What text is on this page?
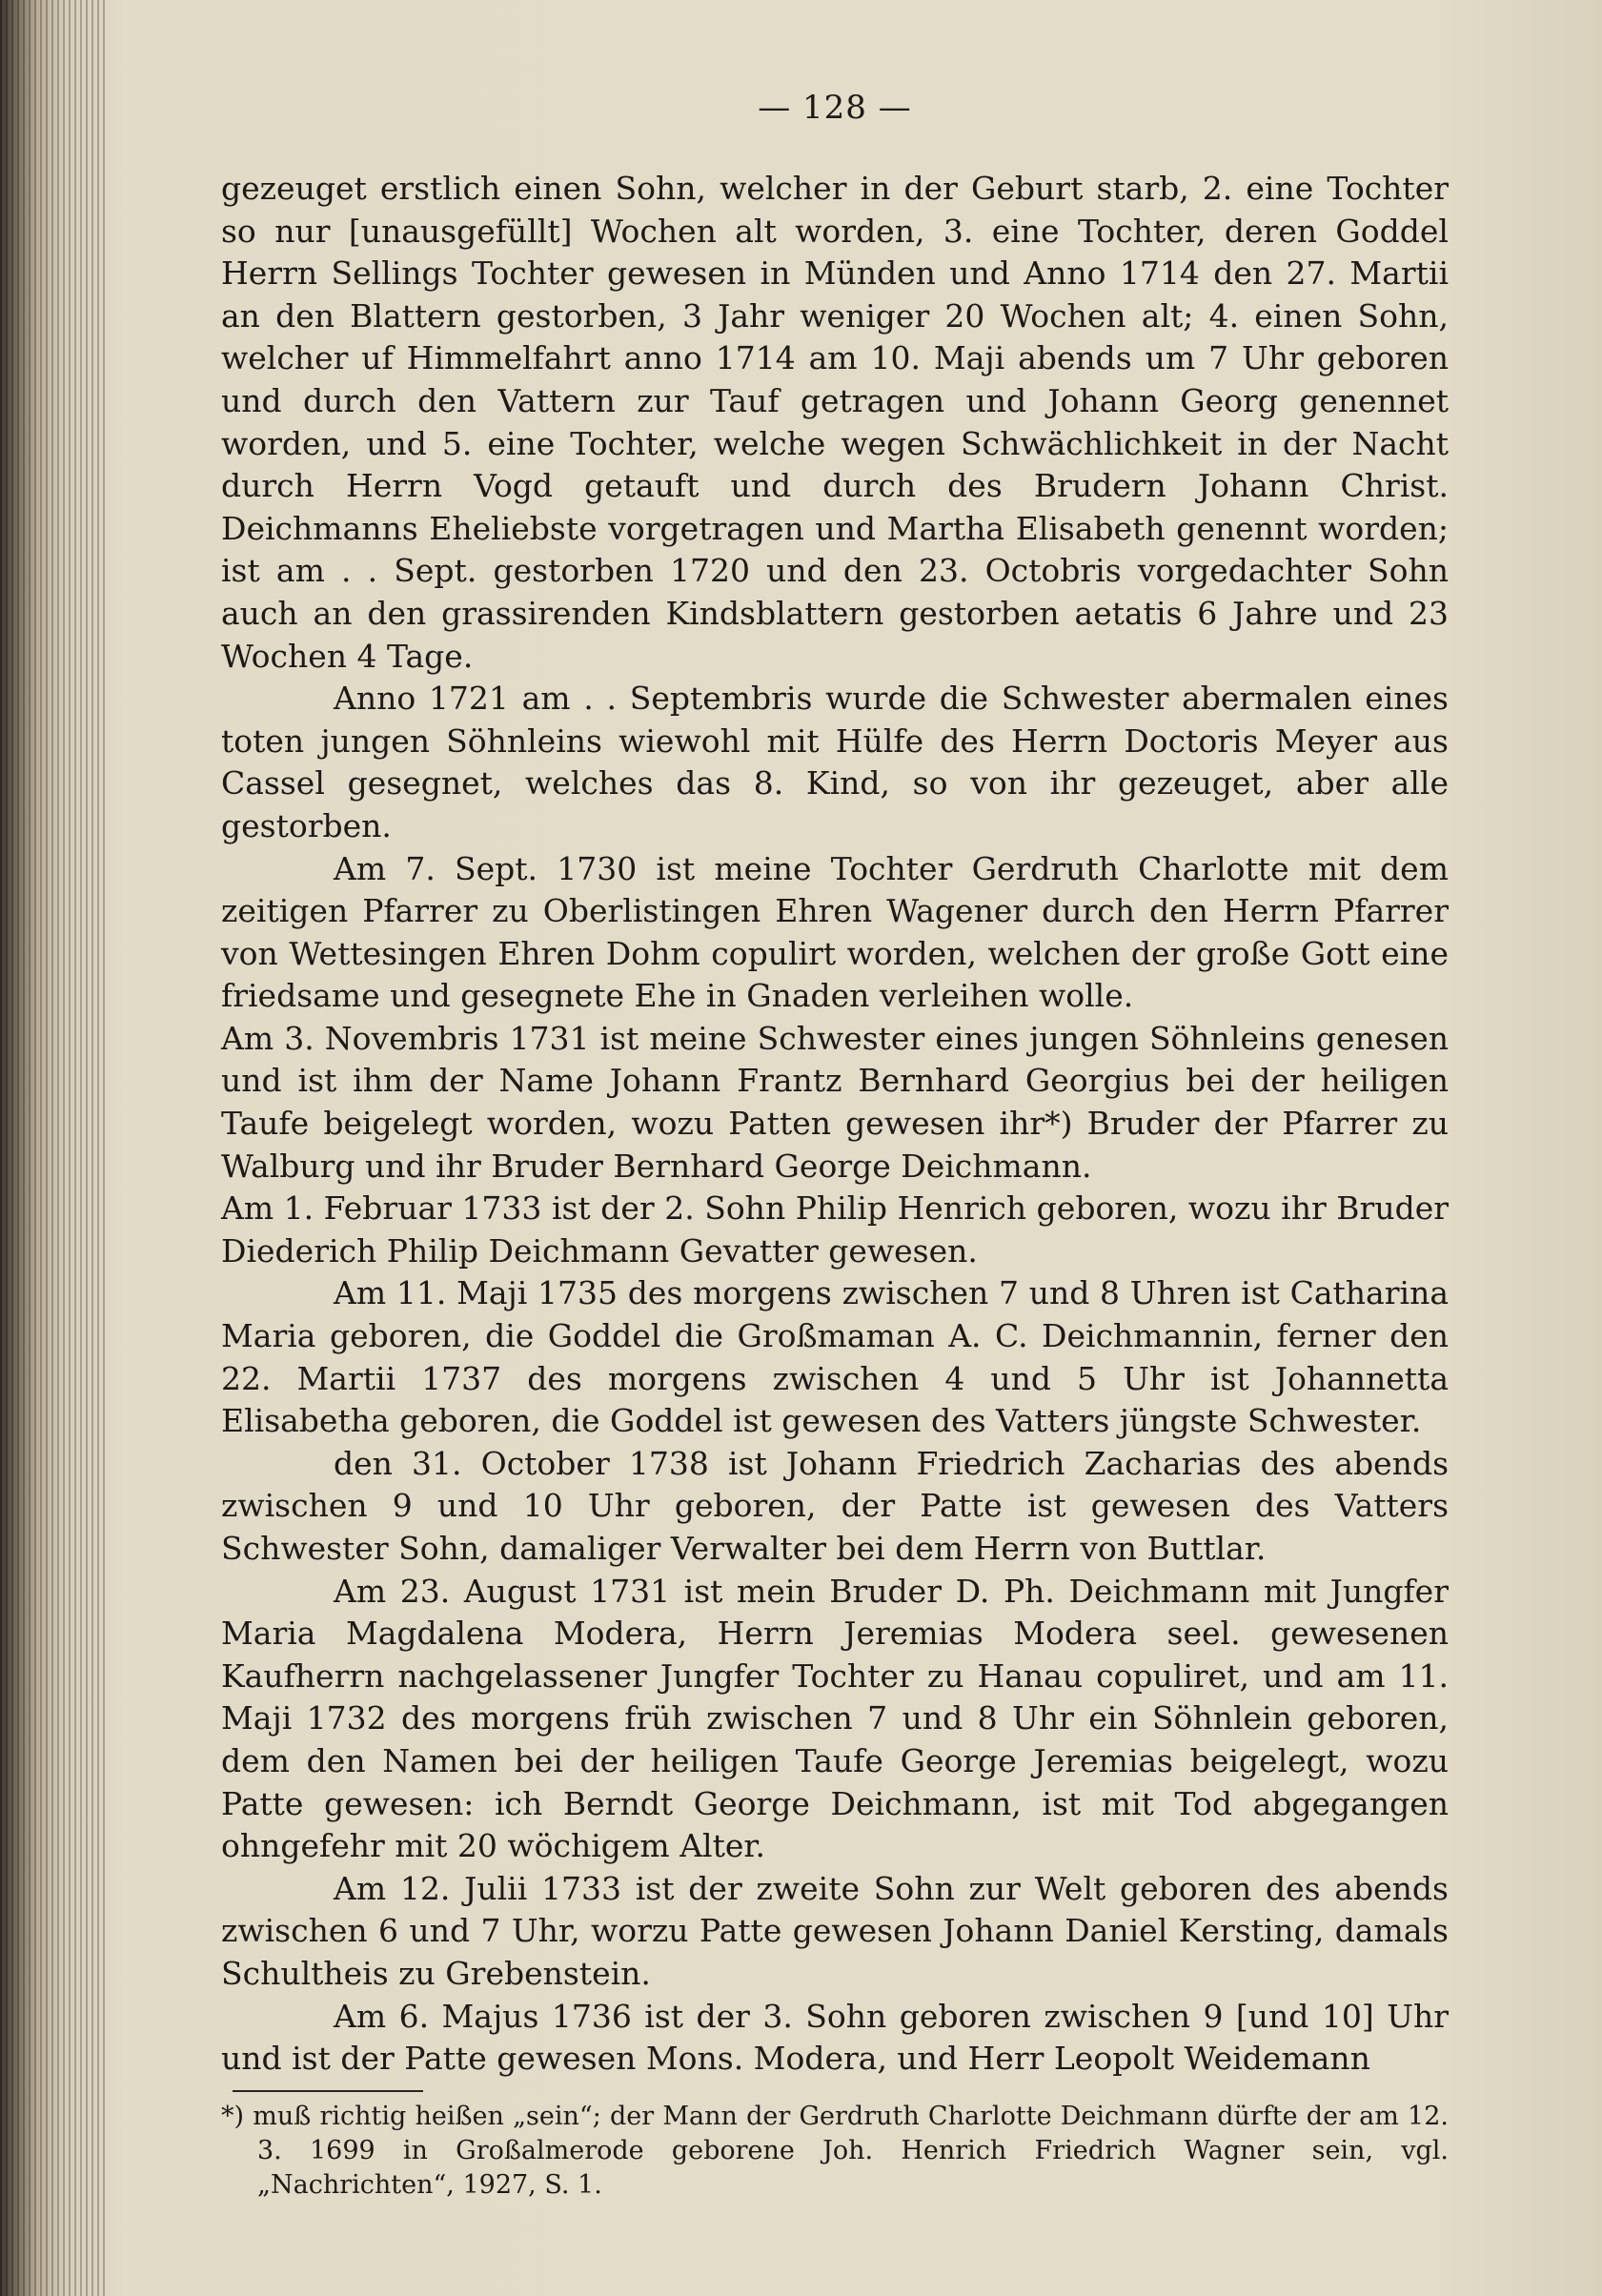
— 128 —

gezeuget erstlich einen Sohn, welcher in der Geburt starb, 2. eine Tochter so nur [unausgefüllt] Wochen alt worden, 3. eine Tochter, deren Goddel Herrn Sellings Tochter gewesen in Münden und Anno 1714 den 27. Martii an den Blattern gestorben, 3 Jahr weniger 20 Wochen alt; 4. einen Sohn, welcher uf Himmelfahrt anno 1714 am 10. Maji abends um 7 Uhr geboren und durch den Vattern zur Tauf getragen und Johann Georg genennet worden, und 5. eine Tochter, welche wegen Schwächlichkeit in der Nacht durch Herrn Vogd getauft und durch des Brudern Johann Christ. Deichmanns Eheliebste vorgetragen und Martha Elisabeth genennt worden; ist am . . Sept. gestorben 1720 und den 23. Octobris vorgedachter Sohn auch an den grassirenden Kindsblattern gestorben aetatis 6 Jahre und 23 Wochen 4 Tage.

Anno 1721 am . . Septembris wurde die Schwester abermalen eines toten jungen Söhnleins wiewohl mit Hülfe des Herrn Doctoris Meyer aus Cassel gesegnet, welches das 8. Kind, so von ihr gezeuget, aber alle gestorben.

Am 7. Sept. 1730 ist meine Tochter Gerdruth Charlotte mit dem zeitigen Pfarrer zu Oberlistingen Ehren Wagener durch den Herrn Pfarrer von Wettesingen Ehren Dohm copulirt worden, welchen der große Gott eine friedsame und gesegnete Ehe in Gnaden verleihen wolle.

Am 3. Novembris 1731 ist meine Schwester eines jungen Söhnleins genesen und ist ihm der Name Johann Frantz Bernhard Georgius bei der heiligen Taufe beigelegt worden, wozu Patten gewesen ihr*) Bruder der Pfarrer zu Walburg und ihr Bruder Bernhard George Deichmann.

Am 1. Februar 1733 ist der 2. Sohn Philip Henrich geboren, wozu ihr Bruder Diederich Philip Deichmann Gevatter gewesen.

Am 11. Maji 1735 des morgens zwischen 7 und 8 Uhren ist Catharina Maria geboren, die Goddel die Großmaman A. C. Deichmannin, ferner den 22. Martii 1737 des morgens zwischen 4 und 5 Uhr ist Johannetta Elisabetha geboren, die Goddel ist gewesen des Vatters jüngste Schwester.

den 31. October 1738 ist Johann Friedrich Zacharias des abends zwischen 9 und 10 Uhr geboren, der Patte ist gewesen des Vatters Schwester Sohn, damaliger Verwalter bei dem Herrn von Buttlar.

Am 23. August 1731 ist mein Bruder D. Ph. Deichmann mit Jungfer Maria Magdalena Modera, Herrn Jeremias Modera seel. gewesenen Kaufherrn nachgelassener Jungfer Tochter zu Hanau copuliret, und am 11. Maji 1732 des morgens früh zwischen 7 und 8 Uhr ein Söhnlein geboren, dem den Namen bei der heiligen Taufe George Jeremias beigelegt, wozu Patte gewesen: ich Berndt George Deichmann, ist mit Tod abgegangen ohngefehr mit 20 wöchigem Alter.

Am 12. Julii 1733 ist der zweite Sohn zur Welt geboren des abends zwischen 6 und 7 Uhr, worzu Patte gewesen Johann Daniel Kersting, damals Schultheis zu Grebenstein.

Am 6. Majus 1736 ist der 3. Sohn geboren zwischen 9 [und 10] Uhr und ist der Patte gewesen Mons. Modera, und Herr Leopolt Weidemann

*) muß richtig heißen „sein“; der Mann der Gerdruth Charlotte Deichmann dürfte der am 12. 3. 1699 in Großalmerode geborene Joh. Henrich Friedrich Wagner sein, vgl. „Nachrichten“, 1927, S. 1.
